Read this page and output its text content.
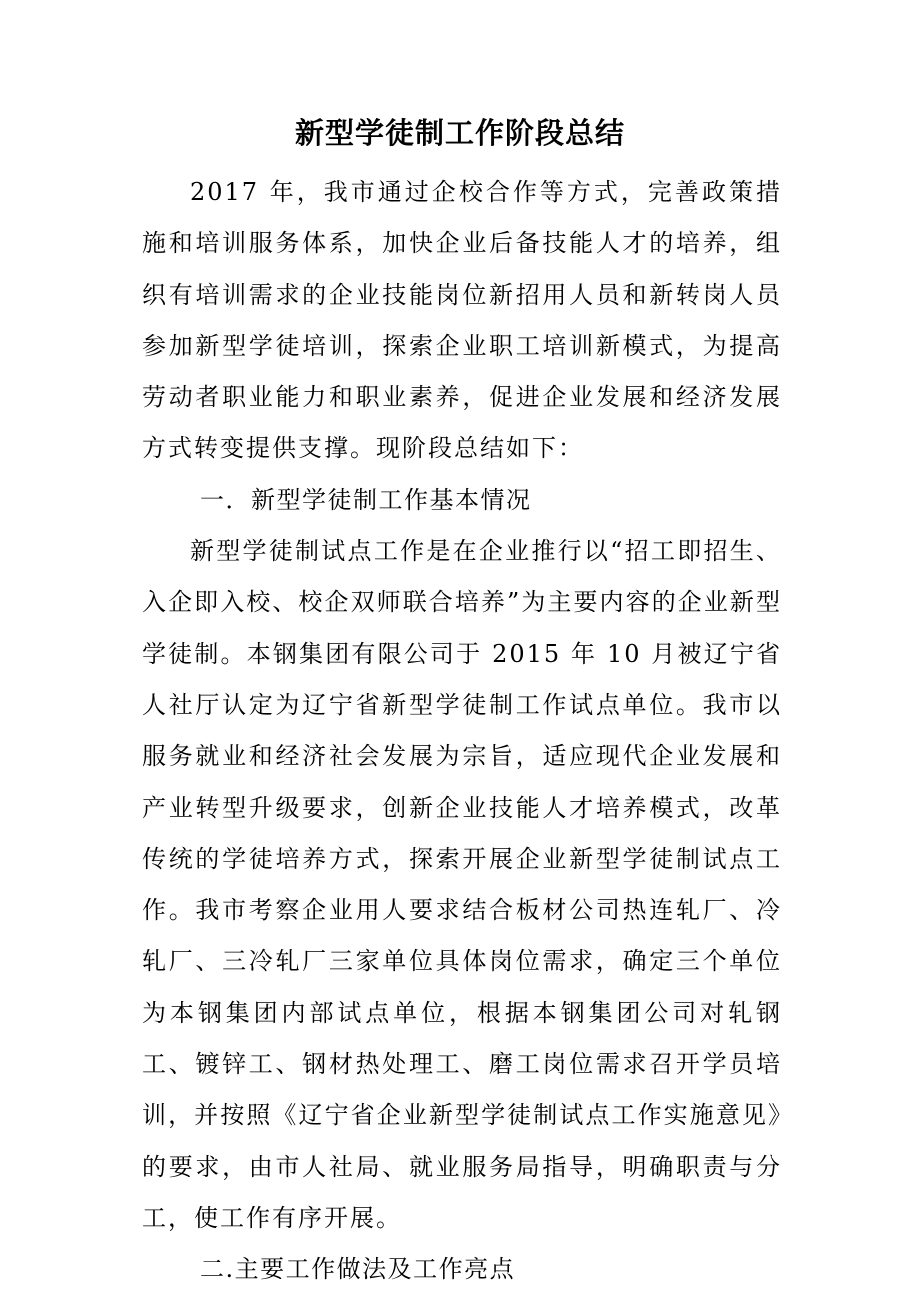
新型学徒制工作阶段总结

2017 年，我市通过企校合作等方式，完善政策措施和培训服务体系，加快企业后备技能人才的培养，组织有培训需求的企业技能岗位新招用人员和新转岗人员参加新型学徒培训，探索企业职工培训新模式，为提高劳动者职业能力和职业素养，促进企业发展和经济发展方式转变提供支撑。现阶段总结如下：

一．新型学徒制工作基本情况

新型学徒制试点工作是在企业推行以“招工即招生、入企即入校、校企双师联合培养”为主要内容的企业新型学徒制。本钢集团有限公司于 2015 年 10 月被辽宁省人社厅认定为辽宁省新型学徒制工作试点单位。我市以服务就业和经济社会发展为宗旨，适应现代企业发展和产业转型升级要求，创新企业技能人才培养模式，改革传统的学徒培养方式，探索开展企业新型学徒制试点工作。我市考察企业用人要求结合板材公司热连轧厂、冷轧厂、三冷轧厂三家单位具体岗位需求，确定三个单位为本钢集团内部试点单位，根据本钢集团公司对轧钢工、镀锌工、钢材热处理工、磨工岗位需求召开学员培训，并按照《辽宁省企业新型学徒制试点工作实施意见》的要求，由市人社局、就业服务局指导，明确职责与分工，使工作有序开展。

二.主要工作做法及工作亮点
